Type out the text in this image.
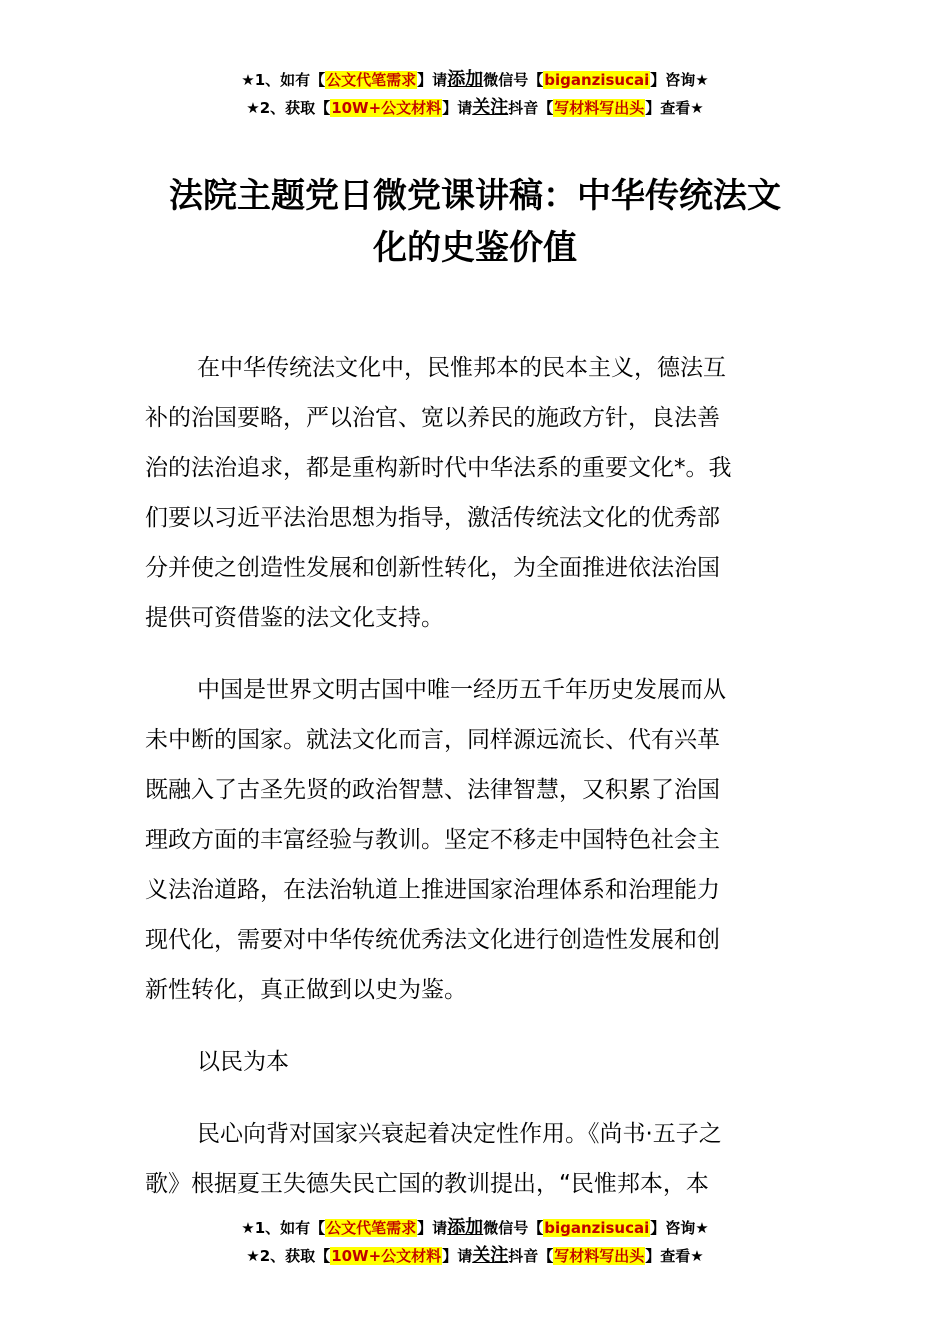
★1、如有【公文代笔需求】请添加微信号【biganzisucai】咨询★
★2、获取【10W+公文材料】请关注抖音【写材料写出头】查看★
法院主题党日微党课讲稿：中华传统法文
化的史鉴价值

在中华传统法文化中，民惟邦本的民本主义，德法互
补的治国要略，严以治官、宽以养民的施政方针，良法善
治的法治追求，都是重构新时代中华法系的重要文化*。我
们要以习近平法治思想为指导，激活传统法文化的优秀部
分并使之创造性发展和创新性转化，为全面推进依法治国
提供可资借鉴的法文化支持。

中国是世界文明古国中唯一经历五千年历史发展而从
未中断的国家。就法文化而言，同样源远流长、代有兴革
既融入了古圣先贤的政治智慧、法律智慧，又积累了治国
理政方面的丰富经验与教训。坚定不移走中国特色社会主
义法治道路，在法治轨道上推进国家治理体系和治理能力
现代化，需要对中华传统优秀法文化进行创造性发展和创
新性转化，真正做到以史为鉴。

以民为本

民心向背对国家兴衰起着决定性作用。《尚书·五子之
歌》根据夏王失德失民亡国的教训提出，“民惟邦本，本

★1、如有【公文代笔需求】请添加微信号【biganzisucai】咨询★
★2、获取【10W+公文材料】请关注抖音【写材料写出头】查看★
